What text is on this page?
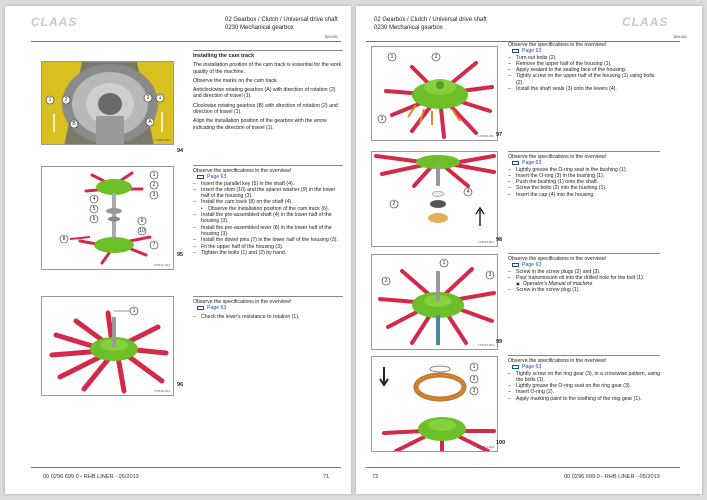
CLAAS	02 Gearbox / Clutch / Universal drive shaft
0230 Mechanical gearbox
824-001
1	2
B
2 1
A
171666-001
94
1
2
3
4
5
6
7
8
9
10
175137-001
95
1
175139-001
96
Installing the cam track

The installation position of the cam track is essential for the work quality of the machine.

Observe the marks on the cam track.

Anticlockwise rotating gearbox (A) with direction of rotation (2) and direction of travel (1).

Clockwise rotating gearbox (B) with direction of rotation (2) and direction of travel (1).

Align the installation position of the gearbox with the arrow indicating the direction of travel (1).

Observe the specifications in the overview!
Page 63
– Insert the parallel key (5) in the shaft (4).
– Insert the shim (10) and the spacer washer (9) in the lower half of the housing (3).
– Install the cam track (8) on the shaft (4).
• Observe the installation position of the cam track (6).
– Install the pre-assembled shaft (4) in the lower half of the housing (3).
– Install the pre-assembled lever (8) in the lower half of the housing (3).
– Install the dowel pins (7) in the lower half of the housing (3).
– Fit the upper half of the housing (3).
– Tighten the bolts (1) and (2) by hand.
Observe the specifications in the overview!
Page 63
– Check the lever's resistance to rotation (1).
00 0296 699 0 - RHB LINER - 05/2013	71
02 Gearbox / Clutch / Universal drive shaft
0230 Mechanical gearbox	CLAAS
824-001
1	2
3
175150-001 97
2
4
175133-001 98
1
2
3
175140-001 99
1
2
3
175571-001
100
Observe the specifications in the overview!
Page 63
– Turn out bolts (2).
– Remove the upper half of the housing (1).
– Apply sealant to the sealing face of the housing.
– Tightly screw on the upper half of the housing (1) using bolts (2).
– Install the shaft seals (3) onto the levers (4).
Observe the specifications in the overview!
Page 63
– Lightly grease the O-ring seat in the bushing (1).
– Insert the O-ring (3) in the bushing (1).
– Push the bushing (1) onto the shaft.
– Screw the bolts (2) into the bushing (1).
– Insert the cap (4) into the housing.
Observe the specifications in the overview!
Page 63
– Screw in the screw plugs (2) and (3).
– Pour transmission oil into the drilled hole for the bolt (1).
▣ Operator's Manual of machine
– Screw in the screw plug (1).
Observe the specifications in the overview!
Page 63
– Tightly screw on the ring gear (3), in a crosswise pattern, using the bolts (1).
– Lightly grease the O-ring seat on the ring gear (3).
– Insert O-ring (2).
– Apply marking paint to the toothing of the ring gear (1).
72	00 0296 699 0 - RHB LINER - 05/2013
